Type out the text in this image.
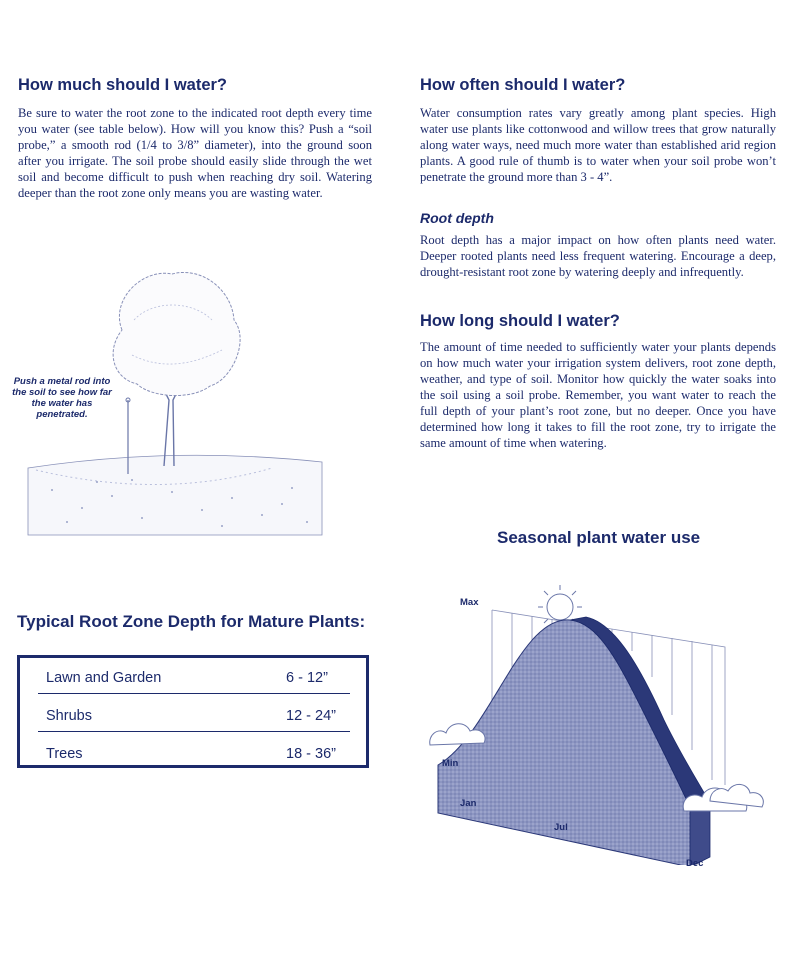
How much should I water?

Be sure to water the root zone to the indicated root depth every time you water (see table below). How will you know this? Push a “soil probe,” a smooth rod (1/4 to 3/8” diameter), into the ground soon after you irrigate. The soil probe should easily slide through the wet soil and become difficult to push when reaching dry soil. Watering deeper than the root zone only means you are wasting water.

Push a metal rod into the soil to see how far the water has penetrated.
Typical Root Zone Depth for Mature Plants:
Lawn and Garden	6 - 12”
Shrubs	12 - 24”
Trees	18 - 36”
How often should I water?

Water consumption rates vary greatly among plant species. High water use plants like cottonwood and willow trees that grow naturally along water ways, need much more water than established arid region plants. A good rule of thumb is to water when your soil probe won’t penetrate the ground more than 3 - 4”.

Root depth

Root depth has a major impact on how often plants need water. Deeper rooted plants need less frequent watering. Encourage a deep, drought-resistant root zone by watering deeply and infrequently.

How long should I water?

The amount of time needed to sufficiently water your plants depends on how much water your irrigation system delivers, root zone depth, weather, and type of soil. Monitor how quickly the water soaks into the soil using a soil probe. Remember, you want water to reach the full depth of your plant’s root zone, but no deeper. Once you have determined how long it takes to fill the root zone, try to irrigate the same amount of time when watering.

Seasonal plant water use
Max
Min
Jan
Jul
Dec
